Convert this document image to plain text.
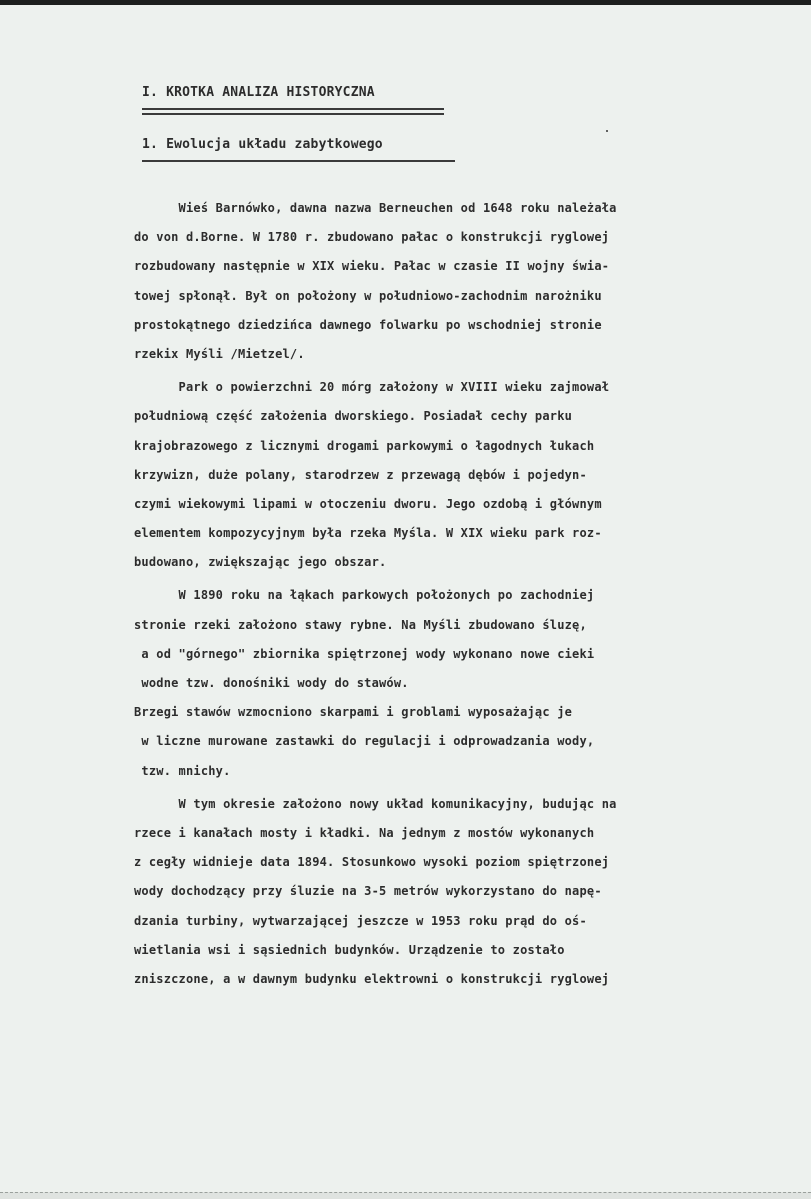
I. KROTKA ANALIZA HISTORYCZNA
1. Ewolucja układu zabytkowego
Wieś Barnówko, dawna nazwa Berneuchen od 1648 roku należała
do von d.Borne. W 1780 r. zbudowano pałac o konstrukcji ryglowej
rozbudowany następnie w XIX wieku. Pałac w czasie II wojny świa-
towej spłonął. Był on położony w południowo-zachodnim narożniku
prostokątnego dziedzińca dawnego folwarku po wschodniej stronie
rzekix Myśli /Mietzel/.
Park o powierzchni 20 mórg założony w XVIII wieku zajmował
południową część założenia dworskiego. Posiadał cechy parku
krajobrazowego z licznymi drogami parkowymi o łagodnych łukach
krzywizn, duże polany, starodrzew z przewagą dębów i pojedyn-
czymi wiekowymi lipami w otoczeniu dworu. Jego ozdobą i głównym
elementem kompozycyjnym była rzeka Myśla. W XIX wieku park roz-
budowano, zwiększając jego obszar.
W 1890 roku na łąkach parkowych położonych po zachodniej
stronie rzeki założono stawy rybne. Na Myśli zbudowano śluzę,
a od "górnego" zbiornika spiętrzonej wody wykonano nowe cieki
wodne tzw. donośniki wody do stawów.
Brzegi stawów wzmocniono skarpami i groblami wyposażając je
w liczne murowane zastawki do regulacji i odprowadzania wody,
tzw. mnichy.
W tym okresie założono nowy układ komunikacyjny, budując na
rzece i kanałach mosty i kładki. Na jednym z mostów wykonanych
z cegły widnieje data 1894. Stosunkowo wysoki poziom spiętrzonej
wody dochodzący przy śluzie na 3-5 metrów wykorzystano do napę-
dzania turbiny, wytwarzającej jeszcze w 1953 roku prąd do oś-
wietlania wsi i sąsiednich budynków. Urządzenie to zostało
zniszczone, a w dawnym budynku elektrowni o konstrukcji ryglowej
